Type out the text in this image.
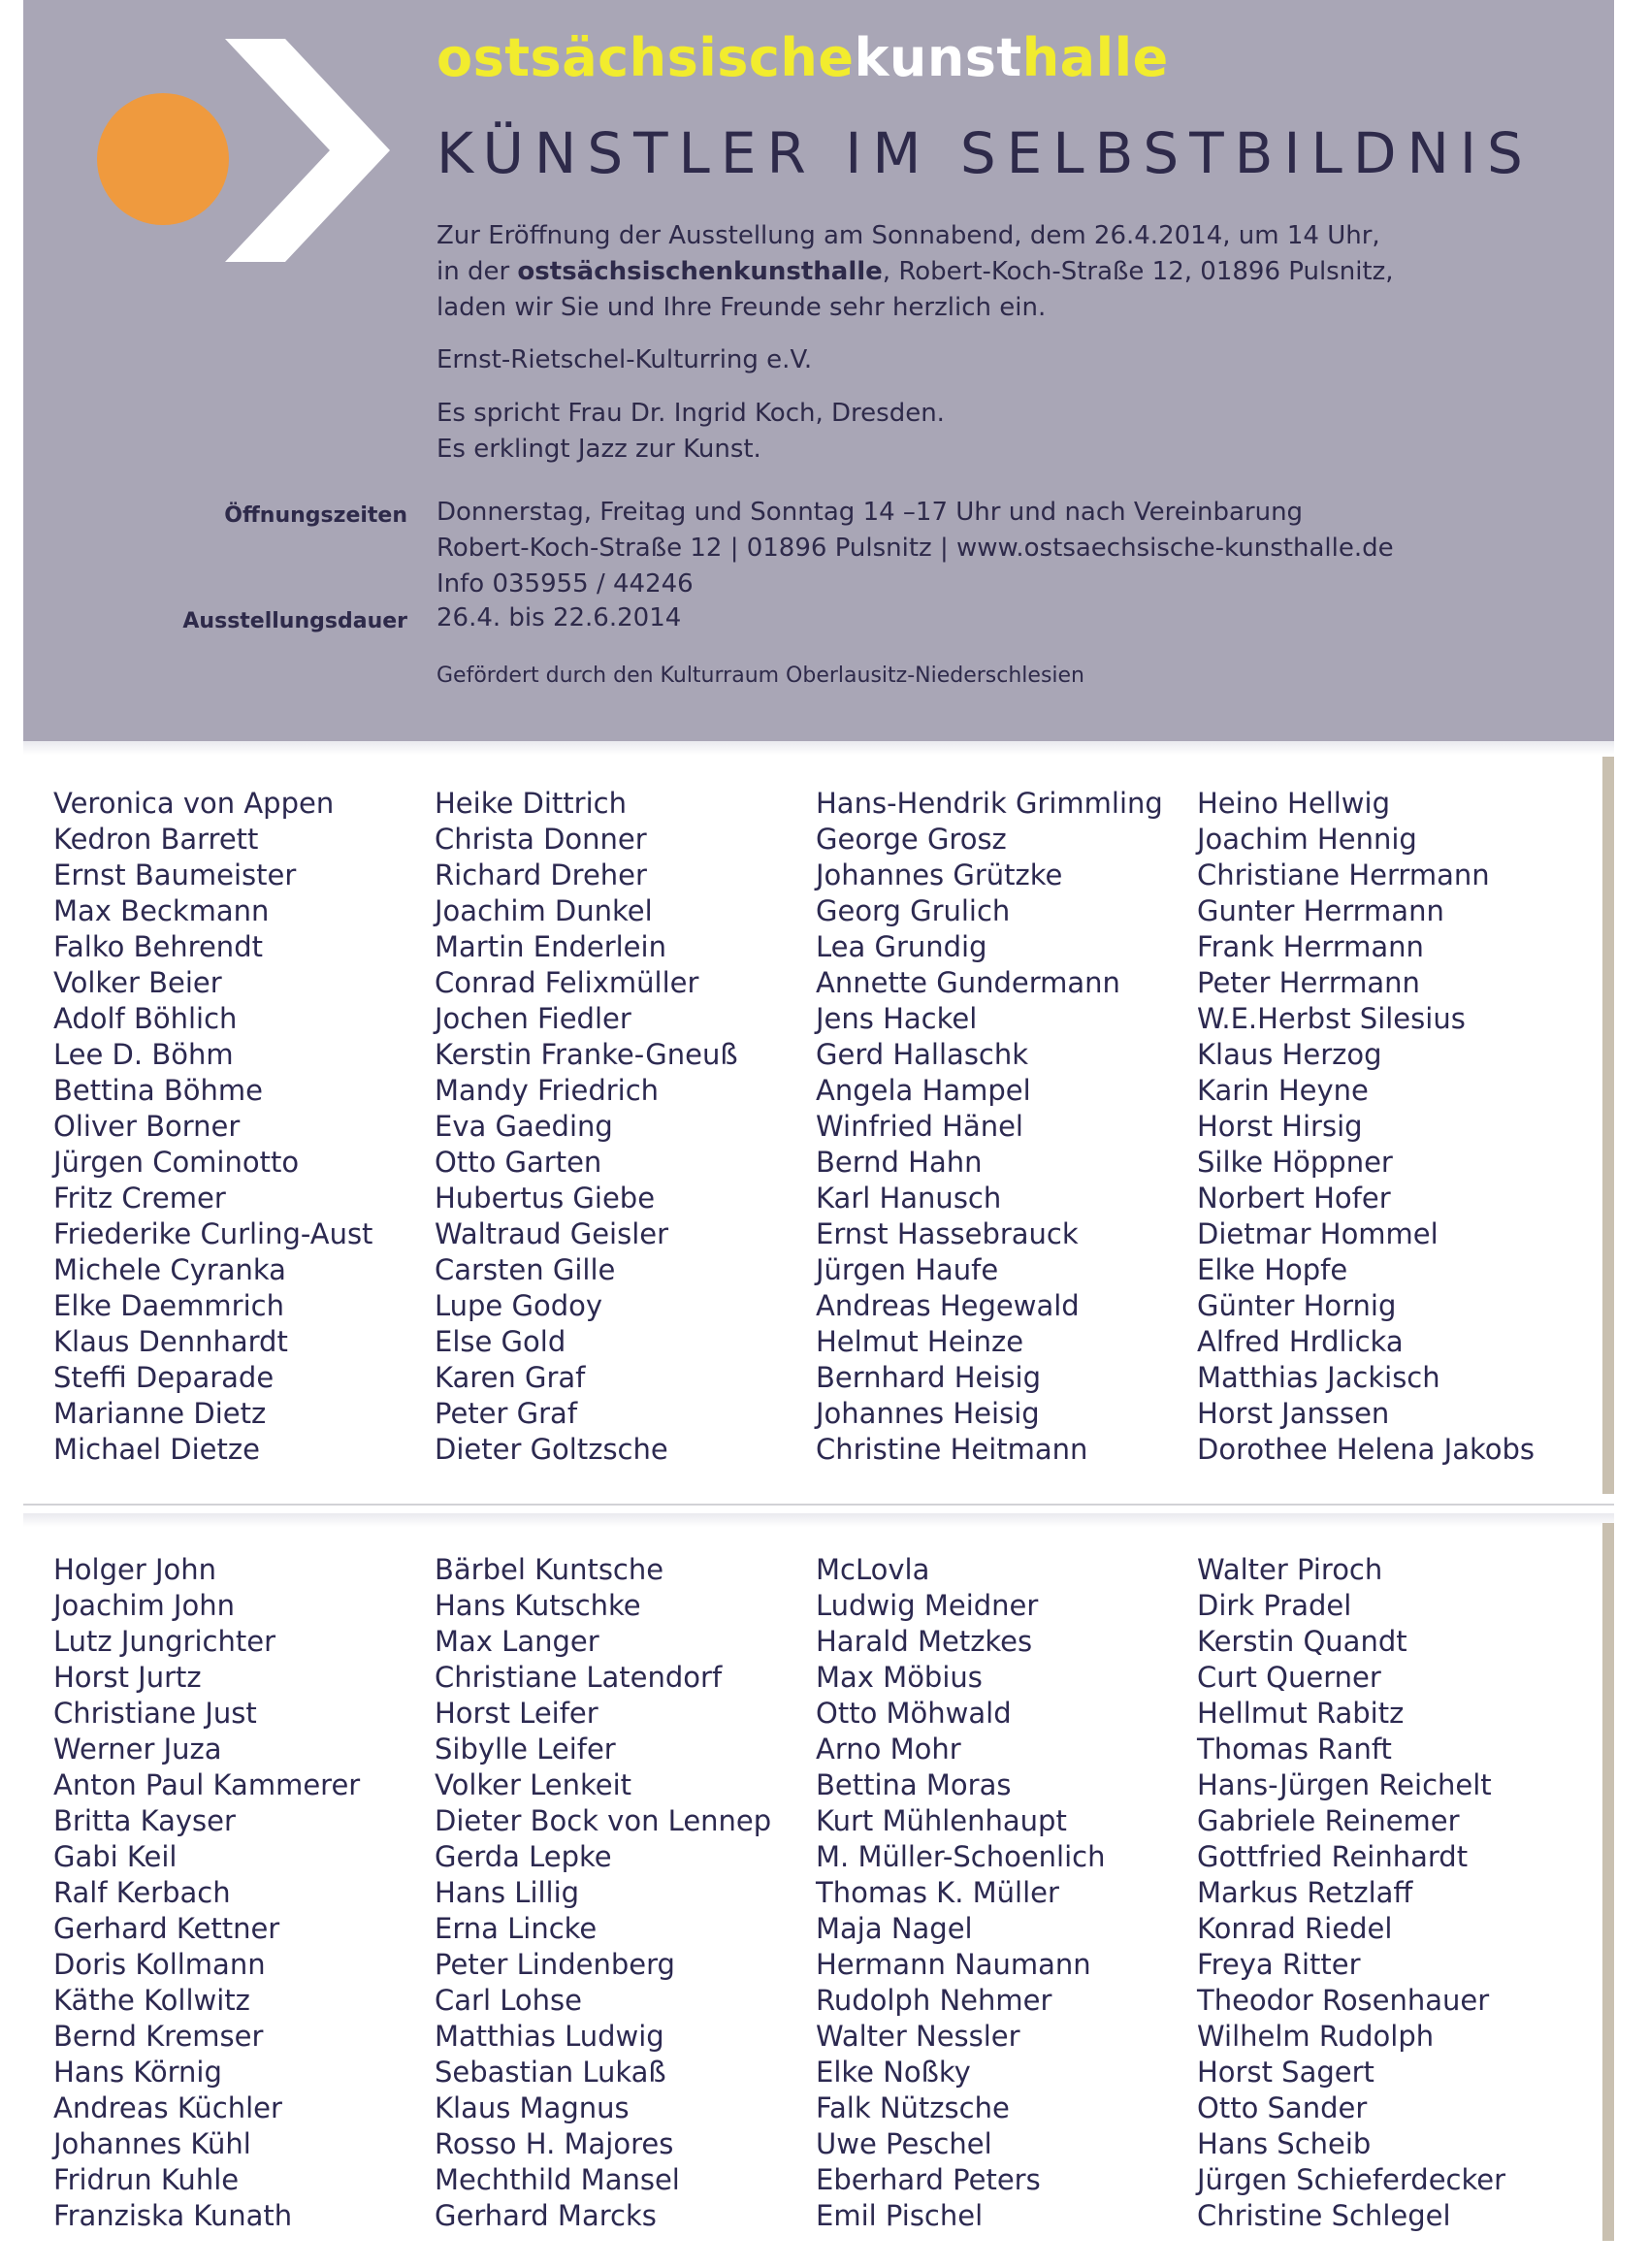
ostsächsischekunsthalle
KÜNSTLER IM SELBSTBILDNIS
Zur Eröffnung der Ausstellung am Sonnabend, dem 26.4.2014, um 14 Uhr,
in der ostsächsischenkunsthalle, Robert-Koch-Straße 12, 01896 Pulsnitz,
laden wir Sie und Ihre Freunde sehr herzlich ein.
Ernst-Rietschel-Kulturring e.V.
Es spricht Frau Dr. Ingrid Koch, Dresden.
Es erklingt Jazz zur Kunst.
Öffnungszeiten Donnerstag, Freitag und Sonntag 14 –17 Uhr und nach Vereinbarung
Robert-Koch-Straße 12 | 01896 Pulsnitz | www.ostsaechsische-kunsthalle.de
Info 035955 / 44246
Ausstellungsdauer 26.4. bis 22.6.2014
Gefördert durch den Kulturraum Oberlausitz-Niederschlesien
Veronica von Appen
Kedron Barrett
Ernst Baumeister
Max Beckmann
Falko Behrendt
Volker Beier
Adolf Böhlich
Lee D. Böhm
Bettina Böhme
Oliver Borner
Jürgen Cominotto
Fritz Cremer
Friederike Curling-Aust
Michele Cyranka
Elke Daemmrich
Klaus Dennhardt
Steffi Deparade
Marianne Dietz
Michael Dietze
Heike Dittrich
Christa Donner
Richard Dreher
Joachim Dunkel
Martin Enderlein
Conrad Felixmüller
Jochen Fiedler
Kerstin Franke-Gneuß
Mandy Friedrich
Eva Gaeding
Otto Garten
Hubertus Giebe
Waltraud Geisler
Carsten Gille
Lupe Godoy
Else Gold
Karen Graf
Peter Graf
Dieter Goltzsche
Hans-Hendrik Grimmling
George Grosz
Johannes Grützke
Georg Grulich
Lea Grundig
Annette Gundermann
Jens Hackel
Gerd Hallaschk
Angela Hampel
Winfried Hänel
Bernd Hahn
Karl Hanusch
Ernst Hassebrauck
Jürgen Haufe
Andreas Hegewald
Helmut Heinze
Bernhard Heisig
Johannes Heisig
Christine Heitmann
Heino Hellwig
Joachim Hennig
Christiane Herrmann
Gunter Herrmann
Frank Herrmann
Peter Herrmann
W.E.Herbst Silesius
Klaus Herzog
Karin Heyne
Horst Hirsig
Silke Höppner
Norbert Hofer
Dietmar Hommel
Elke Hopfe
Günter Hornig
Alfred Hrdlicka
Matthias Jackisch
Horst Janssen
Dorothee Helena Jakobs
Holger John
Joachim John
Lutz Jungrichter
Horst Jurtz
Christiane Just
Werner Juza
Anton Paul Kammerer
Britta Kayser
Gabi Keil
Ralf Kerbach
Gerhard Kettner
Doris Kollmann
Käthe Kollwitz
Bernd Kremser
Hans Körnig
Andreas Küchler
Johannes Kühl
Fridrun Kuhle
Franziska Kunath
Bärbel Kuntsche
Hans Kutschke
Max Langer
Christiane Latendorf
Horst Leifer
Sibylle Leifer
Volker Lenkeit
Dieter Bock von Lennep
Gerda Lepke
Hans Lillig
Erna Lincke
Peter Lindenberg
Carl Lohse
Matthias Ludwig
Sebastian Lukaß
Klaus Magnus
Rosso H. Majores
Mechthild Mansel
Gerhard Marcks
McLovla
Ludwig Meidner
Harald Metzkes
Max Möbius
Otto Möhwald
Arno Mohr
Bettina Moras
Kurt Mühlenhaupt
M. Müller-Schoenlich
Thomas K. Müller
Maja Nagel
Hermann Naumann
Rudolph Nehmer
Walter Nessler
Elke Noßky
Falk Nützsche
Uwe Peschel
Eberhard Peters
Emil Pischel
Walter Piroch
Dirk Pradel
Kerstin Quandt
Curt Querner
Hellmut Rabitz
Thomas Ranft
Hans-Jürgen Reichelt
Gabriele Reinemer
Gottfried Reinhardt
Markus Retzlaff
Konrad Riedel
Freya Ritter
Theodor Rosenhauer
Wilhelm Rudolph
Horst Sagert
Otto Sander
Hans Scheib
Jürgen Schieferdecker
Christine Schlegel
